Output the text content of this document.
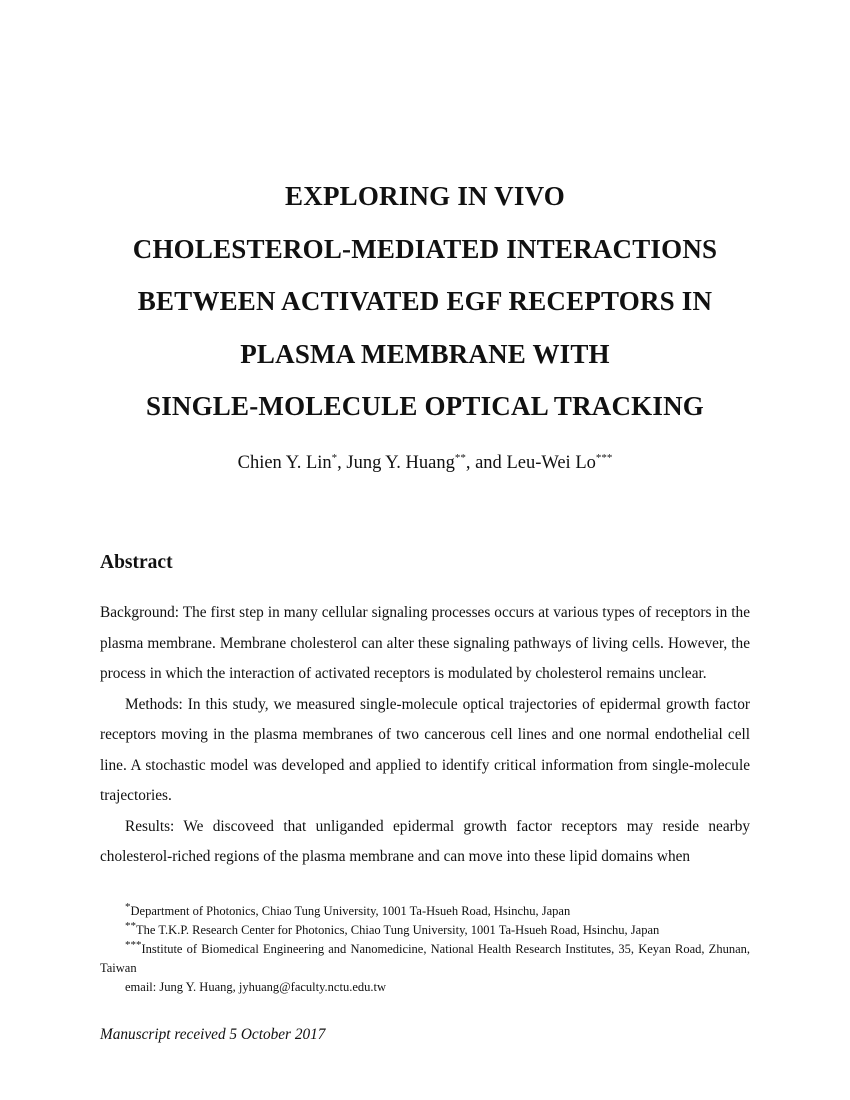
EXPLORING IN VIVO

CHOLESTEROL-MEDIATED INTERACTIONS

BETWEEN ACTIVATED EGF RECEPTORS IN

PLASMA MEMBRANE WITH

SINGLE-MOLECULE OPTICAL TRACKING

Chien Y. Lin*, Jung Y. Huang**, and Leu-Wei Lo***
Abstract

Background: The first step in many cellular signaling processes occurs at various types of receptors in the plasma membrane. Membrane cholesterol can alter these signaling pathways of living cells. However, the process in which the interaction of activated receptors is modulated by cholesterol remains unclear.

Methods: In this study, we measured single-molecule optical trajectories of epidermal growth factor receptors moving in the plasma membranes of two cancerous cell lines and one normal endothelial cell line. A stochastic model was developed and applied to identify critical information from single-molecule trajectories.

Results: We discoveed that unliganded epidermal growth factor receptors may reside nearby cholesterol-riched regions of the plasma membrane and can move into these lipid domains when

*Department of Photonics, Chiao Tung University, 1001 Ta-Hsueh Road, Hsinchu, Japan

**The T.K.P. Research Center for Photonics, Chiao Tung University, 1001 Ta-Hsueh Road, Hsinchu, Japan

***Institute of Biomedical Engineering and Nanomedicine, National Health Research Institutes, 35, Keyan Road, Zhunan, Taiwan

email: Jung Y. Huang, jyhuang@faculty.nctu.edu.tw

Manuscript received 5 October 2017
